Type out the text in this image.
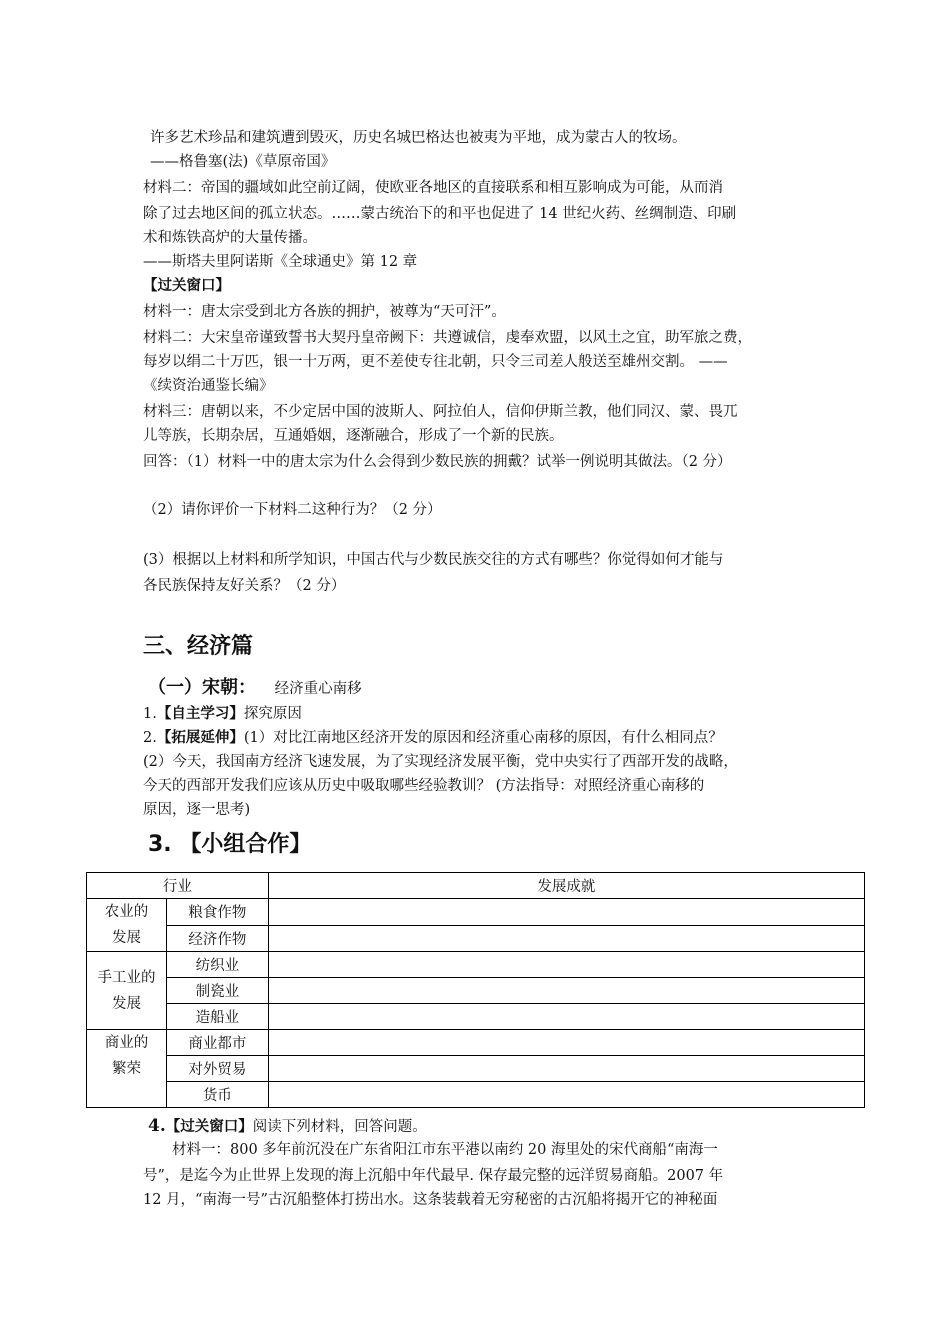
许多艺术珍品和建筑遭到毁灭，历史名城巴格达也被夷为平地，成为蒙古人的牧场。
——格鲁塞(法)《草原帝国》
材料二：帝国的疆域如此空前辽阔，使欧亚各地区的直接联系和相互影响成为可能，从而消
除了过去地区间的孤立状态。……蒙古统治下的和平也促进了 14 世纪火药、丝绸制造、印刷
术和炼铁高炉的大量传播。
——斯塔夫里阿诺斯《全球通史》第 12 章
【过关窗口】
材料一：唐太宗受到北方各族的拥护，被尊为“天可汗”。
材料二：大宋皇帝谨致誓书大契丹皇帝阙下：共遵诚信，虔奉欢盟，以风土之宜，助军旅之费，
每岁以绢二十万匹，银一十万两，更不差使专往北朝，只令三司差人般送至雄州交割。 ——
《续资治通鉴长编》
材料三：唐朝以来，不少定居中国的波斯人、阿拉伯人，信仰伊斯兰教，他们同汉、蒙、畏兀
儿等族，长期杂居，互通婚姻，逐渐融合，形成了一个新的民族。
回答：（1）材料一中的唐太宗为什么会得到少数民族的拥戴？试举一例说明其做法。（2 分）
（2）请你评价一下材料二这种行为？（2 分）
(3）根据以上材料和所学知识，中国古代与少数民族交往的方式有哪些？你觉得如何才能与
各民族保持友好关系？（2 分）
三、经济篇
（一）宋朝： 经济重心南移
1.【自主学习】探究原因
2.【拓展延伸】(1）对比江南地区经济开发的原因和经济重心南移的原因，有什么相同点？
(2）今天，我国南方经济飞速发展，为了实现经济发展平衡，党中央实行了西部开发的战略，
今天的西部开发我们应该从历史中吸取哪些经验教训？ (方法指导：对照经济重心南移的
原因，逐一思考)
3. 【小组合作】
行业		发展成就
农业的发展	粮食作物	
	经济作物	
手工业的发展	纺织业	
	制瓷业	
	造船业	
商业的繁荣	商业都市	
	对外贸易	
	货币	
4.【过关窗口】阅读下列材料，回答问题。
材料一：800 多年前沉没在广东省阳江市东平港以南约 20 海里处的宋代商船“南海一
号”，是迄今为止世界上发现的海上沉船中年代最早. 保存最完整的远洋贸易商船。2007 年
12 月，“南海一号”古沉船整体打捞出水。这条装载着无穷秘密的古沉船将揭开它的神秘面
